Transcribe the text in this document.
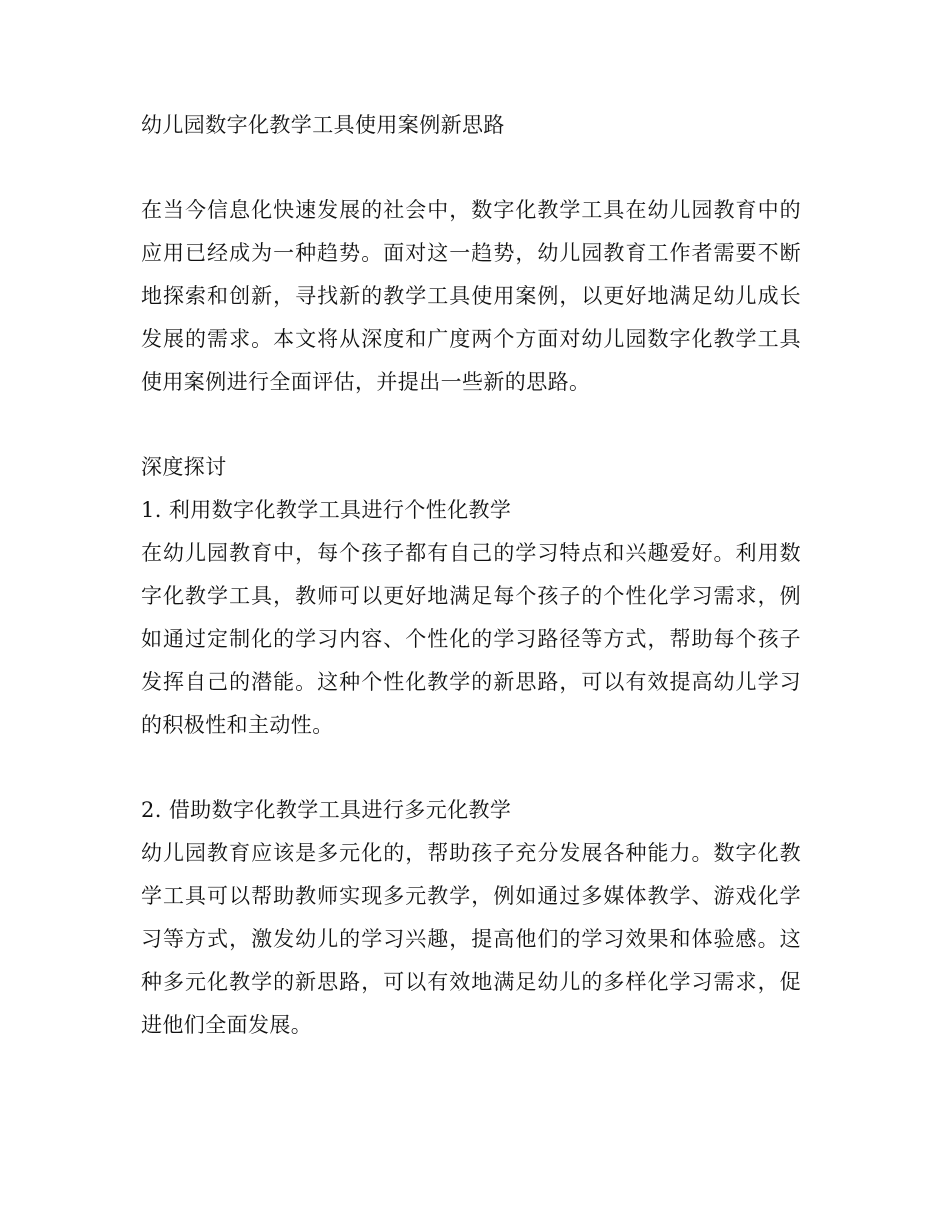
幼儿园数字化教学工具使用案例新思路

在当今信息化快速发展的社会中，数字化教学工具在幼儿园教育中的应用已经成为一种趋势。面对这一趋势，幼儿园教育工作者需要不断地探索和创新，寻找新的教学工具使用案例，以更好地满足幼儿成长发展的需求。本文将从深度和广度两个方面对幼儿园数字化教学工具使用案例进行全面评估，并提出一些新的思路。

深度探讨

1. 利用数字化教学工具进行个性化教学

在幼儿园教育中，每个孩子都有自己的学习特点和兴趣爱好。利用数字化教学工具，教师可以更好地满足每个孩子的个性化学习需求，例如通过定制化的学习内容、个性化的学习路径等方式，帮助每个孩子发挥自己的潜能。这种个性化教学的新思路，可以有效提高幼儿学习的积极性和主动性。

2. 借助数字化教学工具进行多元化教学

幼儿园教育应该是多元化的，帮助孩子充分发展各种能力。数字化教学工具可以帮助教师实现多元教学，例如通过多媒体教学、游戏化学习等方式，激发幼儿的学习兴趣，提高他们的学习效果和体验感。这种多元化教学的新思路，可以有效地满足幼儿的多样化学习需求，促进他们全面发展。
